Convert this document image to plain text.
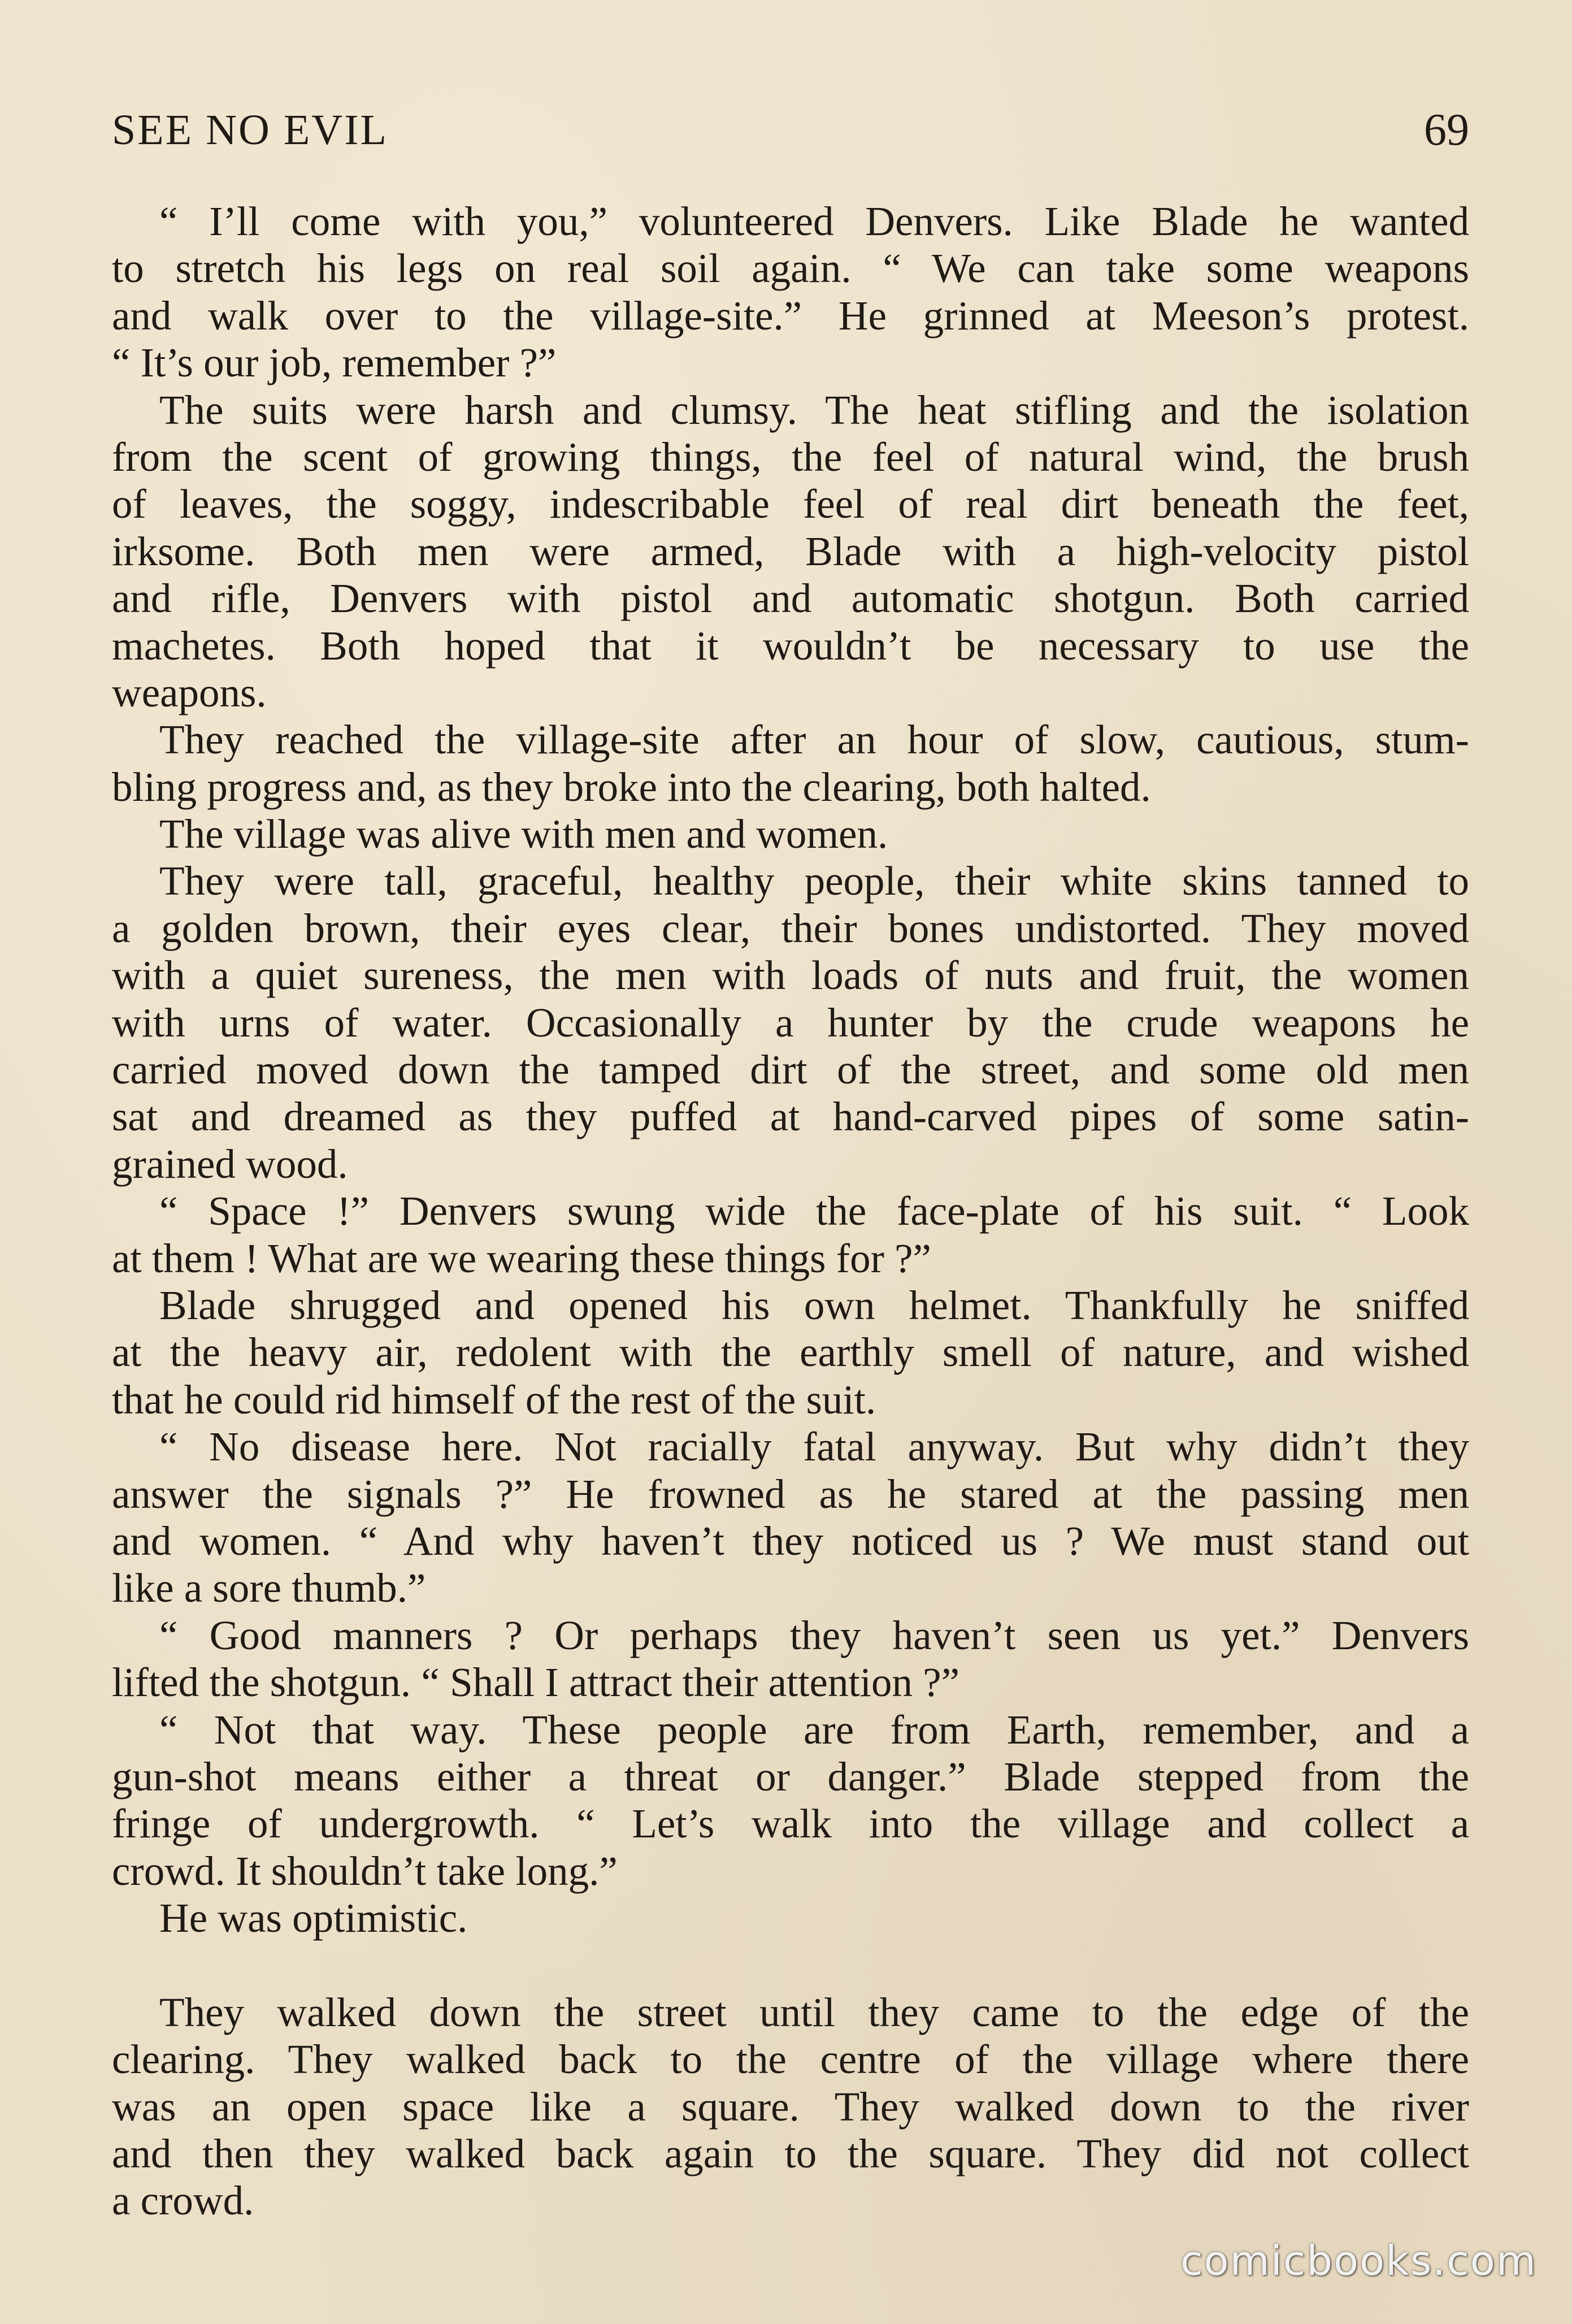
SEE NO EVIL	69
“ I’ll come with you,” volunteered Denvers. Like Blade he wanted
to stretch his legs on real soil again. “ We can take some weapons
and walk over to the village-site.” He grinned at Meeson’s protest.
“ It’s our job, remember ?”
The suits were harsh and clumsy. The heat stifling and the isolation
from the scent of growing things, the feel of natural wind, the brush
of leaves, the soggy, indescribable feel of real dirt beneath the feet,
irksome. Both men were armed, Blade with a high-velocity pistol
and rifle, Denvers with pistol and automatic shotgun. Both carried
machetes. Both hoped that it wouldn’t be necessary to use the
weapons.
They reached the village-site after an hour of slow, cautious, stum-
bling progress and, as they broke into the clearing, both halted.
The village was alive with men and women.
They were tall, graceful, healthy people, their white skins tanned to
a golden brown, their eyes clear, their bones undistorted. They moved
with a quiet sureness, the men with loads of nuts and fruit, the women
with urns of water. Occasionally a hunter by the crude weapons he
carried moved down the tamped dirt of the street, and some old men
sat and dreamed as they puffed at hand-carved pipes of some satin-
grained wood.
“ Space !” Denvers swung wide the face-plate of his suit. “ Look
at them ! What are we wearing these things for ?”
Blade shrugged and opened his own helmet. Thankfully he sniffed
at the heavy air, redolent with the earthly smell of nature, and wished
that he could rid himself of the rest of the suit.
“ No disease here. Not racially fatal anyway. But why didn’t they
answer the signals ?” He frowned as he stared at the passing men
and women. “ And why haven’t they noticed us ? We must stand out
like a sore thumb.”
“ Good manners ? Or perhaps they haven’t seen us yet.” Denvers
lifted the shotgun. “ Shall I attract their attention ?”
“ Not that way. These people are from Earth, remember, and a
gun-shot means either a threat or danger.” Blade stepped from the
fringe of undergrowth. “ Let’s walk into the village and collect a
crowd. It shouldn’t take long.”
He was optimistic.
They walked down the street until they came to the edge of the
clearing. They walked back to the centre of the village where there
was an open space like a square. They walked down to the river
and then they walked back again to the square. They did not collect
a crowd.
comicbooks.com
